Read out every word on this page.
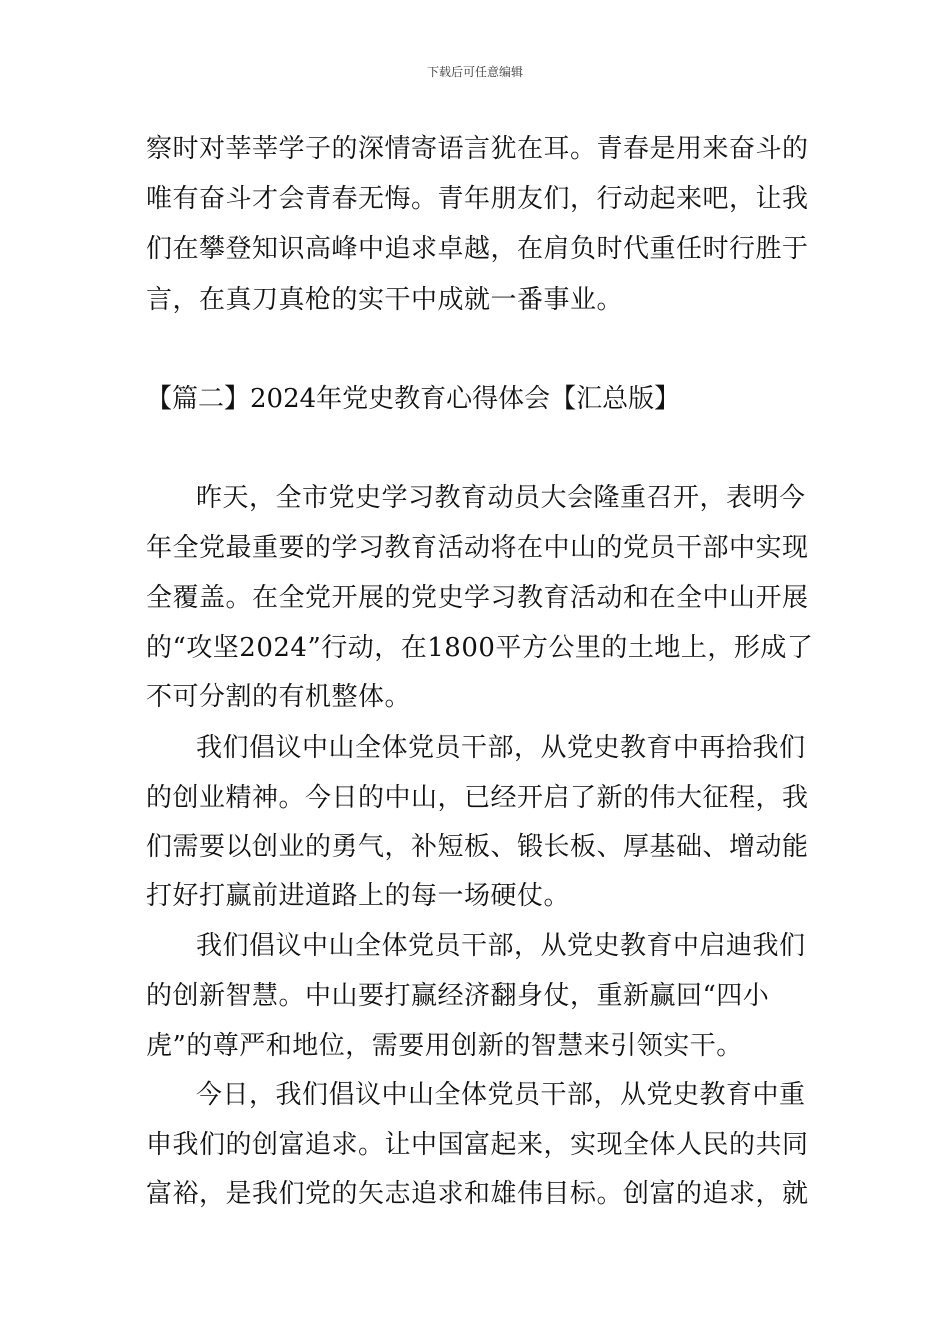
下载后可任意编辑
察时对莘莘学子的深情寄语言犹在耳。青春是用来奋斗的
唯有奋斗才会青春无悔。青年朋友们，行动起来吧，让我
们在攀登知识高峰中追求卓越，在肩负时代重任时行胜于
言，在真刀真枪的实干中成就一番事业。
【篇二】2024年党史教育心得体会【汇总版】
昨天，全市党史学习教育动员大会隆重召开，表明今
年全党最重要的学习教育活动将在中山的党员干部中实现
全覆盖。在全党开展的党史学习教育活动和在全中山开展
的“攻坚2024”行动，在1800平方公里的土地上，形成了
不可分割的有机整体。
我们倡议中山全体党员干部，从党史教育中再拾我们
的创业精神。今日的中山，已经开启了新的伟大征程，我
们需要以创业的勇气，补短板、锻长板、厚基础、增动能
打好打赢前进道路上的每一场硬仗。
我们倡议中山全体党员干部，从党史教育中启迪我们
的创新智慧。中山要打赢经济翻身仗，重新赢回“四小
虎”的尊严和地位，需要用创新的智慧来引领实干。
今日，我们倡议中山全体党员干部，从党史教育中重
申我们的创富追求。让中国富起来，实现全体人民的共同
富裕，是我们党的矢志追求和雄伟目标。创富的追求，就
